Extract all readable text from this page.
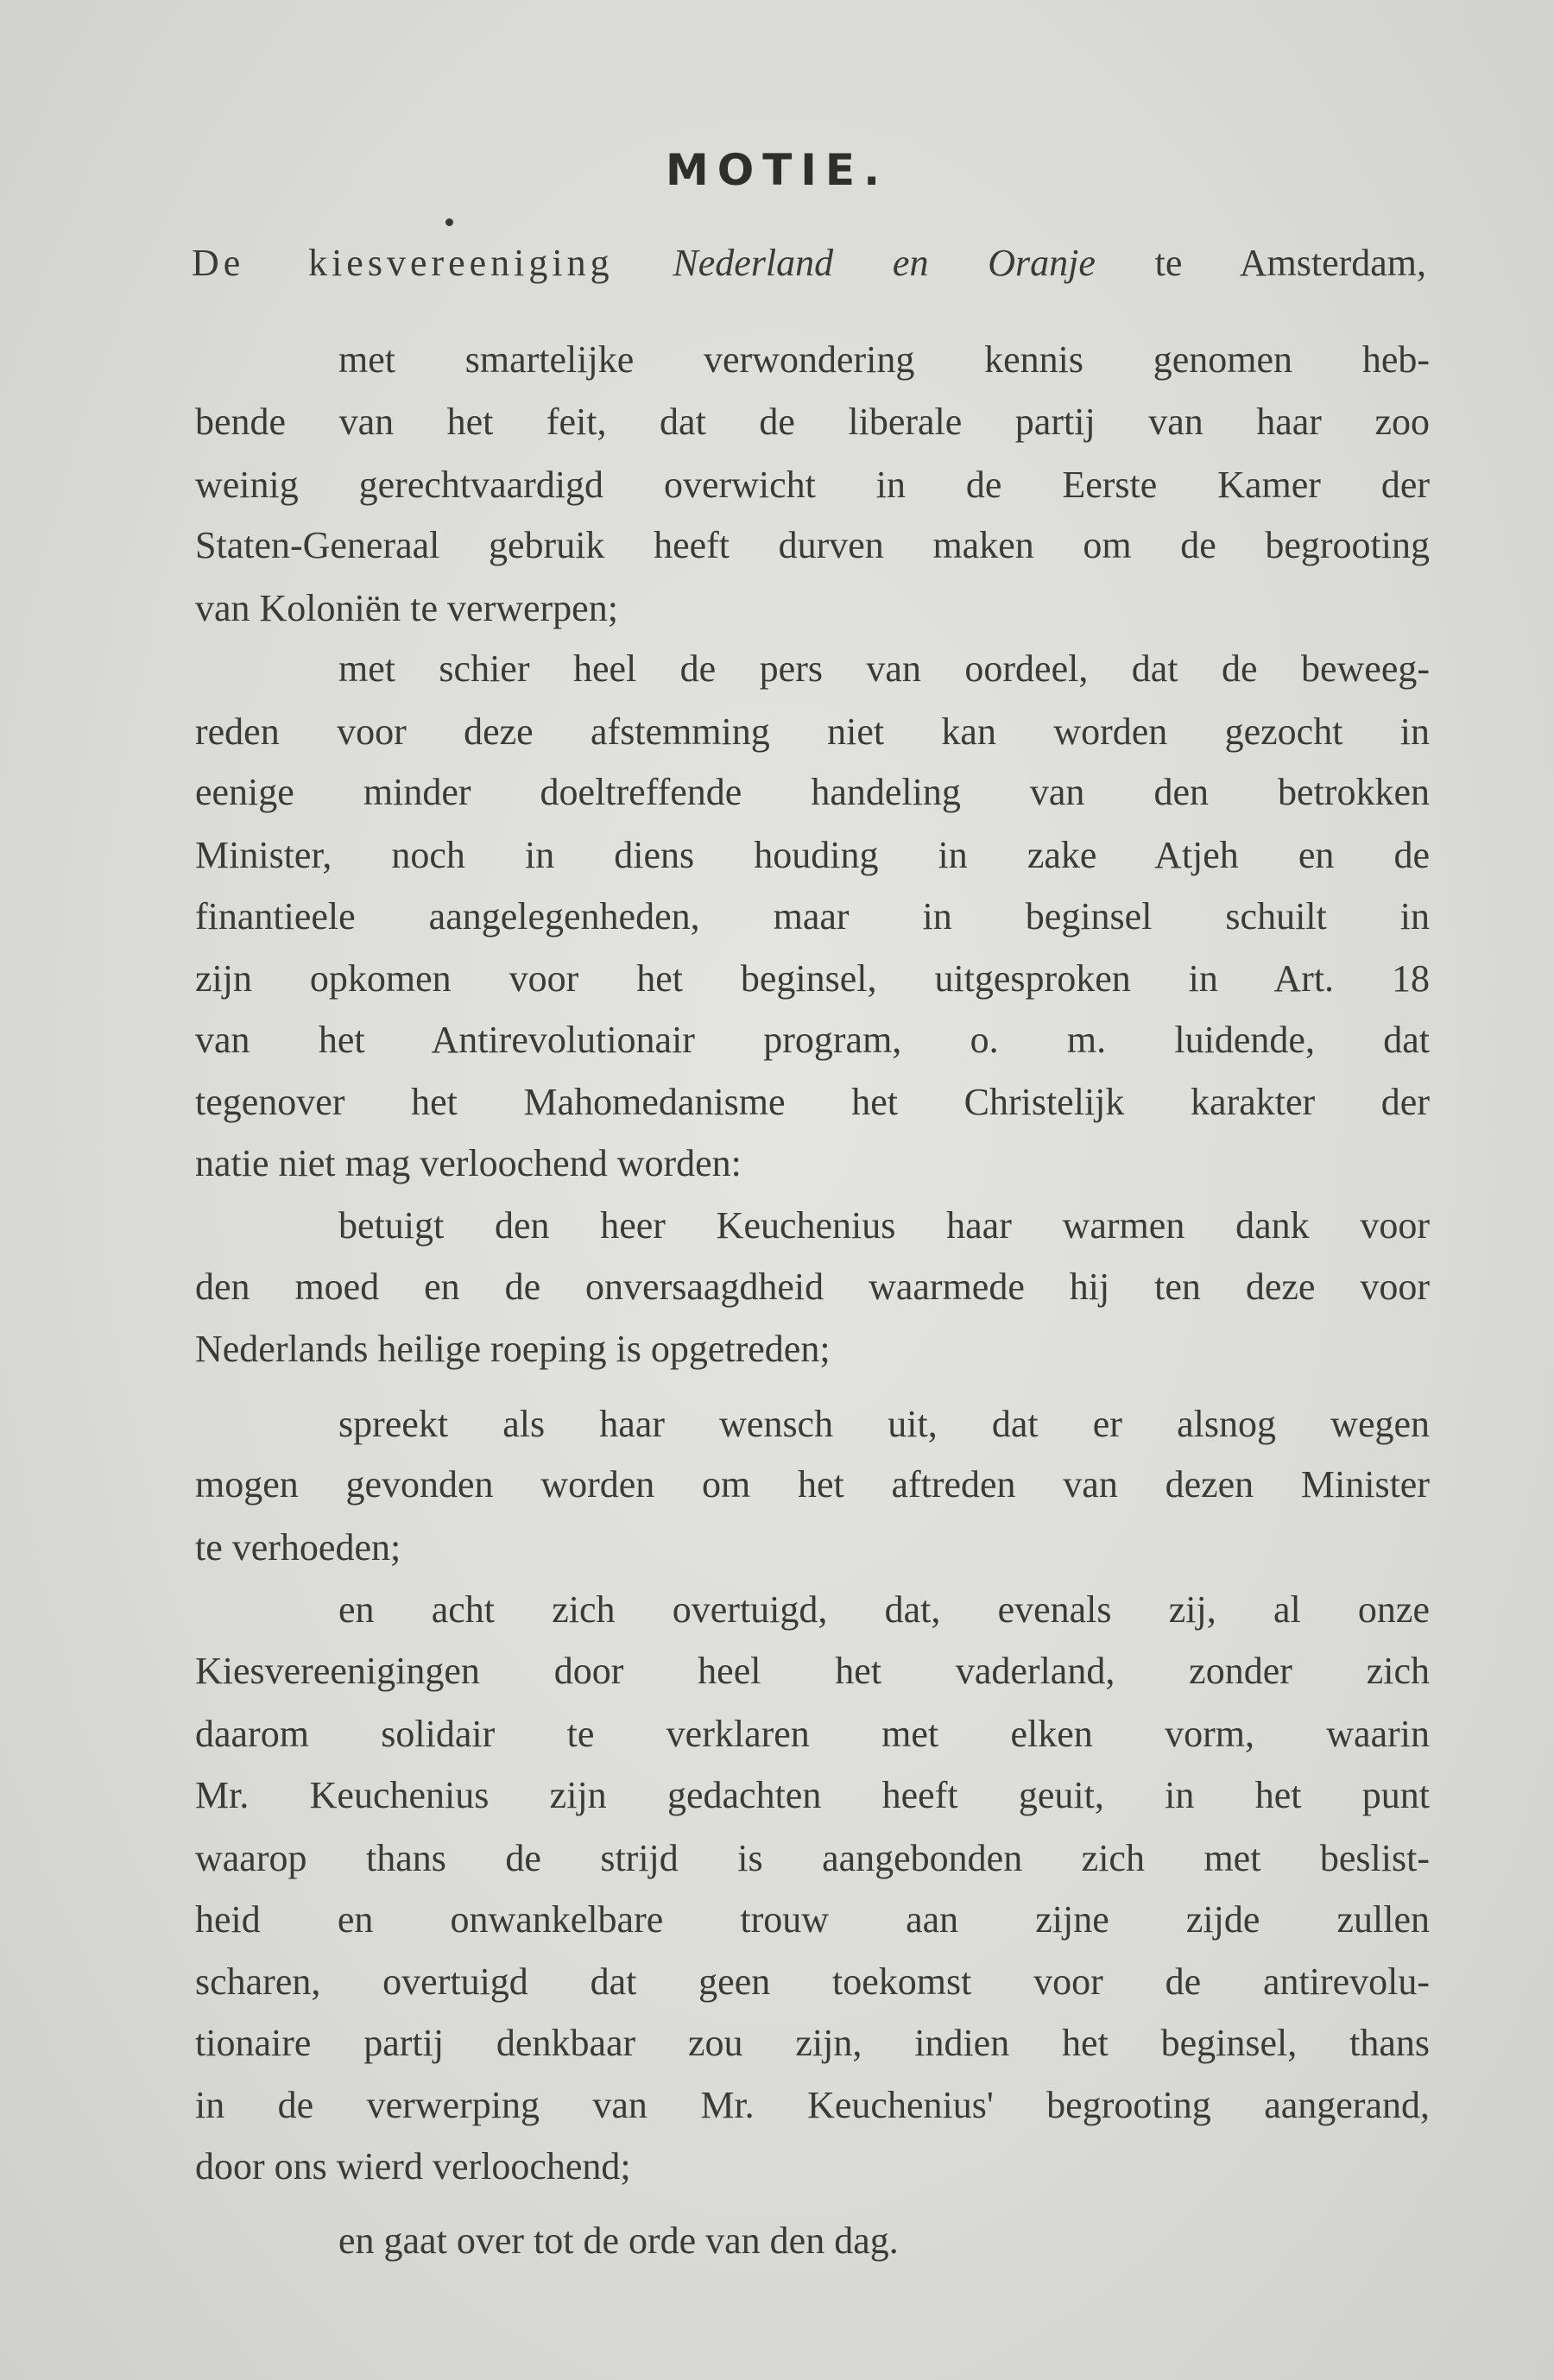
MOTIE.
De kiesvereeniging Nederland en Oranje te Amsterdam,
met smartelijke verwondering kennis genomen heb-
bende van het feit, dat de liberale partij van haar zoo
weinig gerechtvaardigd overwicht in de Eerste Kamer der
Staten-Generaal gebruik heeft durven maken om de begrooting
van Koloniën te verwerpen;
met schier heel de pers van oordeel, dat de beweeg-
reden voor deze afstemming niet kan worden gezocht in
eenige minder doeltreffende handeling van den betrokken
Minister, noch in diens houding in zake Atjeh en de
finantieele aangelegenheden, maar in beginsel schuilt in
zijn opkomen voor het beginsel, uitgesproken in Art. 18
van het Antirevolutionair program, o. m. luidende, dat
tegenover het Mahomedanisme het Christelijk karakter der
natie niet mag verloochend worden:
betuigt den heer Keuchenius haar warmen dank voor
den moed en de onversaagdheid waarmede hij ten deze voor
Nederlands heilige roeping is opgetreden;
spreekt als haar wensch uit, dat er alsnog wegen
mogen gevonden worden om het aftreden van dezen Minister
te verhoeden;
en acht zich overtuigd, dat, evenals zij, al onze
Kiesvereenigingen door heel het vaderland, zonder zich
daarom solidair te verklaren met elken vorm, waarin
Mr. Keuchenius zijn gedachten heeft geuit, in het punt
waarop thans de strijd is aangebonden zich met beslist-
heid en onwankelbare trouw aan zijne zijde zullen
scharen, overtuigd dat geen toekomst voor de antirevolu-
tionaire partij denkbaar zou zijn, indien het beginsel, thans
in de verwerping van Mr. Keuchenius' begrooting aangerand,
door ons wierd verloochend;
en gaat over tot de orde van den dag.
